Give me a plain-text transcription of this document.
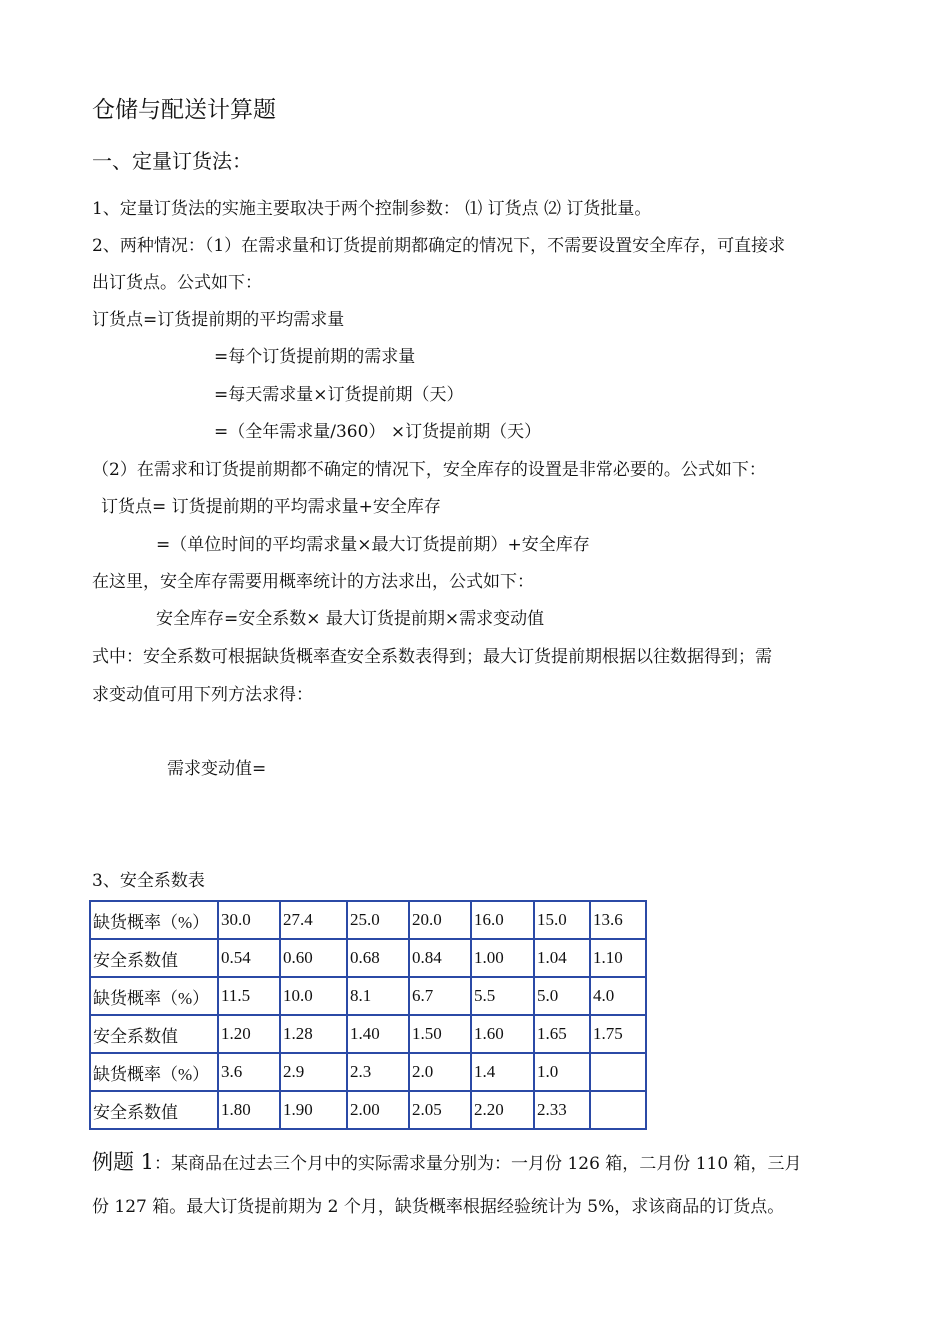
仓储与配送计算题
一、定量订货法：
1、定量订货法的实施主要取决于两个控制参数： ⑴ 订货点 ⑵ 订货批量。
2、两种情况：（1）在需求量和订货提前期都确定的情况下，不需要设置安全库存，可直接求
出订货点。公式如下：
订货点=订货提前期的平均需求量
=每个订货提前期的需求量
=每天需求量×订货提前期（天）
=（全年需求量/360） ×订货提前期（天）
（2）在需求和订货提前期都不确定的情况下，安全库存的设置是非常必要的。公式如下：
订货点= 订货提前期的平均需求量+安全库存
=（单位时间的平均需求量×最大订货提前期）+安全库存
在这里，安全库存需要用概率统计的方法求出，公式如下：
安全库存=安全系数× 最大订货提前期×需求变动值
式中：安全系数可根据缺货概率查安全系数表得到；最大订货提前期根据以往数据得到；需
求变动值可用下列方法求得：
需求变动值=
3、安全系数表
缺货概率（%）	30.0	27.4	25.0	20.0	16.0	15.0	13.6
安全系数值	0.54	0.60	0.68	0.84	1.00	1.04	1.10
缺货概率（%）	11.5	10.0	8.1	6.7	5.5	5.0	4.0
安全系数值	1.20	1.28	1.40	1.50	1.60	1.65	1.75
缺货概率（%）	3.6	2.9	2.3	2.0	1.4	1.0	
安全系数值	1.80	1.90	2.00	2.05	2.20	2.33	
例题 1：某商品在过去三个月中的实际需求量分别为：一月份 126 箱，二月份 110 箱，三月
份 127 箱。最大订货提前期为 2 个月，缺货概率根据经验统计为 5%，求该商品的订货点。
